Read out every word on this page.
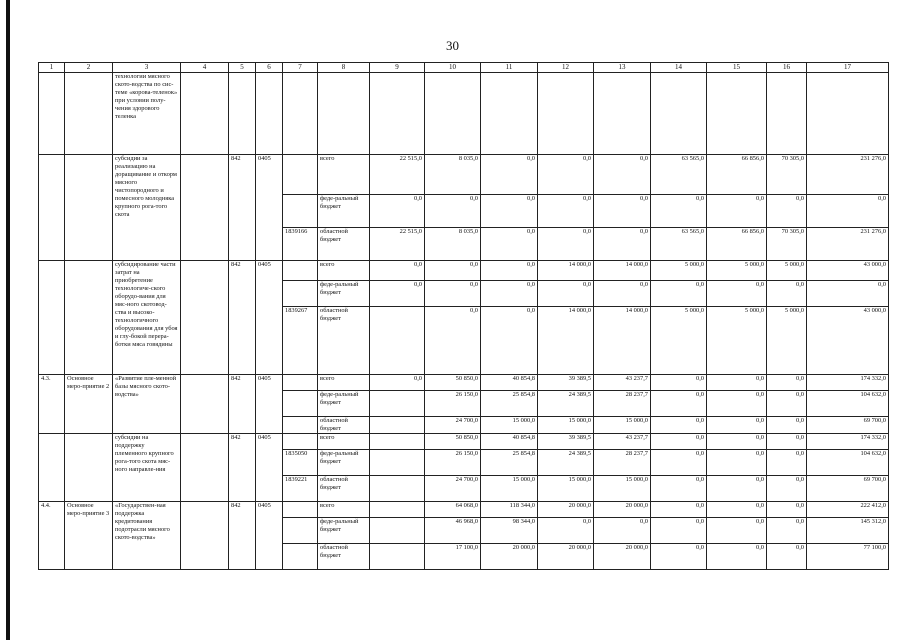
30
1	2	3	4	5	6	7	8	9	10	11	12	13	14	15	16	17
		технологии мясного ското-водства по сис-теме «корова-теленок» при условии полу-чения здорового теленка														
		субсидии за реализацию на доращивание и откорм мясного чистопородного и помесного молодняка крупного рога-того скота		842	0405		всего	22 515,0	8 035,0	0,0	0,0	0,0	63 565,0	66 856,0	70 305,0	231 276,0
							феде-ральный бюджет	0,0	0,0	0,0	0,0	0,0	0,0	0,0	0,0	0,0
						1839166	областной бюджет	22 515,0	8 035,0	0,0	0,0	0,0	63 565,0	66 856,0	70 305,0	231 276,0
		субсидирование части затрат на приобретение технологиче-ского оборудо-вания для мяс-ного скотовод-ства и высоко-технологичного оборудования для убоя и глу-бокой перера-ботки мяса говядины		842	0405		всего	0,0	0,0	0,0	14 000,0	14 000,0	5 000,0	5 000,0	5 000,0	43 000,0
							феде-ральный бюджет	0,0	0,0	0,0	0,0	0,0	0,0	0,0	0,0	0,0
						1839267	областной бюджет		0,0	0,0	14 000,0	14 000,0	5 000,0	5 000,0	5 000,0	43 000,0
4.3.	Основное меро-приятие 2	«Развитие пле-менной базы мясного ското-водства»		842	0405		всего	0,0	50 850,0	40 854,8	39 389,5	43 237,7	0,0	0,0	0,0	174 332,0
							феде-ральный бюджет		26 150,0	25 854,8	24 389,5	28 237,7	0,0	0,0	0,0	104 632,0
							областной бюджет		24 700,0	15 000,0	15 000,0	15 000,0	0,0	0,0	0,0	69 700,0
		субсидии на поддержку племенного крупного рога-того скота мяс-ного направле-ния		842	0405		всего		50 850,0	40 854,8	39 389,5	43 237,7	0,0	0,0	0,0	174 332,0
						1835050	феде-ральный бюджет		26 150,0	25 854,8	24 389,5	28 237,7	0,0	0,0	0,0	104 632,0
						1839221	областной бюджет		24 700,0	15 000,0	15 000,0	15 000,0	0,0	0,0	0,0	69 700,0
4.4.	Основное меро-приятие 3	«Государствен-ная поддержка кредитования подотрасли мясного ското-водства»		842	0405		всего		64 068,0	118 344,0	20 000,0	20 000,0	0,0	0,0	0,0	222 412,0
							феде-ральный бюджет		46 968,0	98 344,0	0,0	0,0	0,0	0,0	0,0	145 312,0
							областной бюджет		17 100,0	20 000,0	20 000,0	20 000,0	0,0	0,0	0,0	77 100,0
